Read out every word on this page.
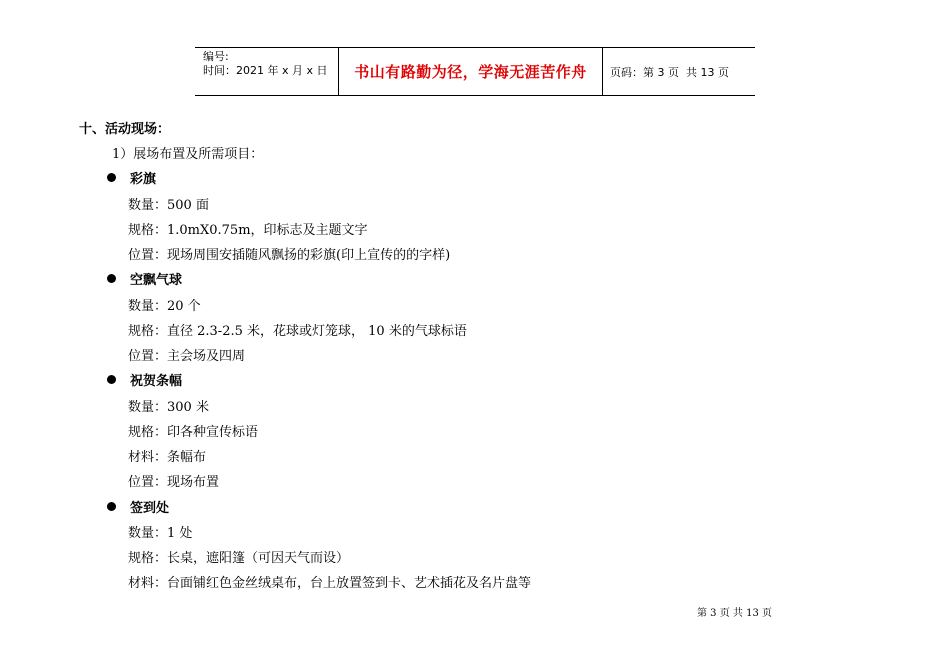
编号:
时间：2021 年 x 月 x 日	书山有路勤为径，学海无涯苦作舟 页码：第 3 页  共 13 页
十、活动现场：
1）展场布置及所需项目：
彩旗
数量：500 面
规格：1.0mX0.75m，印标志及主题文字
位置：现场周围安插随风飘扬的彩旗(印上宣传的的字样)
空飘气球
数量：20 个
规格：直径 2.3-2.5 米，花球或灯笼球， 10 米的气球标语
位置：主会场及四周
祝贺条幅
数量：300 米
规格：印各种宣传标语
材料：条幅布
位置：现场布置
签到处
数量：1 处
规格：长桌，遮阳篷（可因天气而设）
材料：台面铺红色金丝绒桌布，台上放置签到卡、艺术插花及名片盘等
第 3 页 共 13 页
